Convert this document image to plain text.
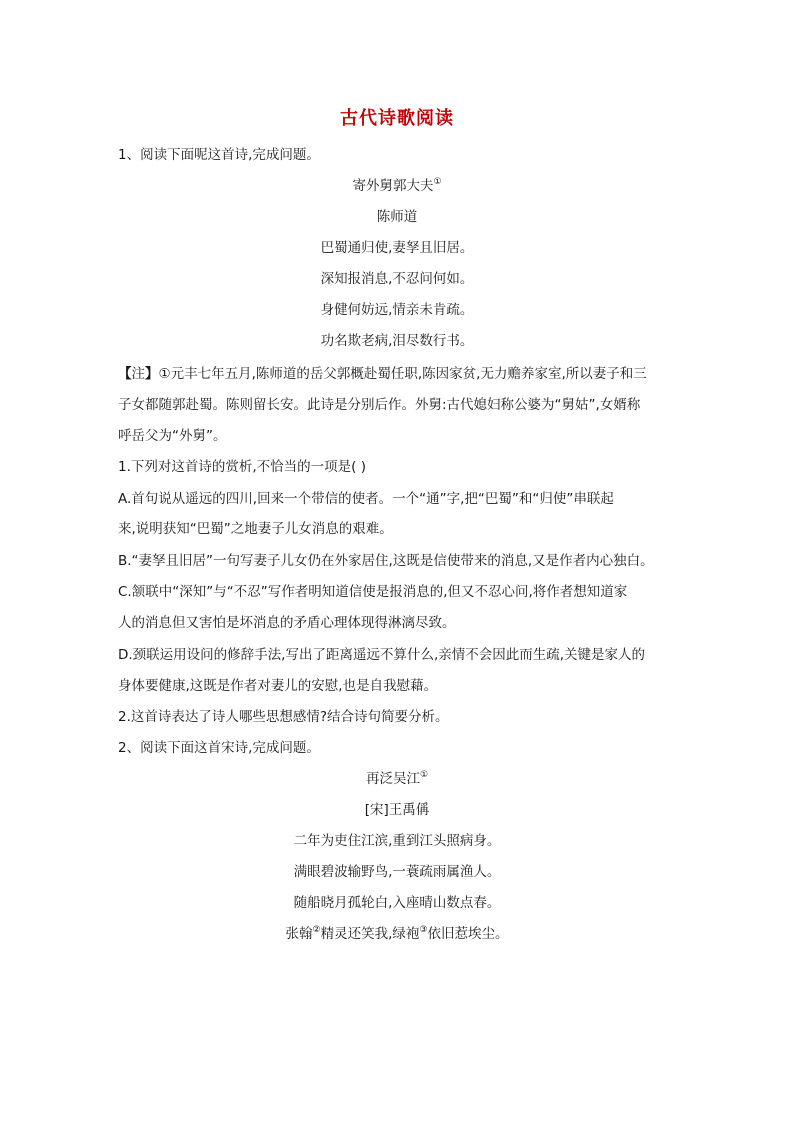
古代诗歌阅读
1、阅读下面呢这首诗,完成问题。
寄外舅郭大夫①
陈师道
巴蜀通归使,妻孥且旧居。
深知报消息,不忍问何如。
身健何妨远,情亲未肯疏。
功名欺老病,泪尽数行书。
【注】①元丰七年五月,陈师道的岳父郭概赴蜀任职,陈因家贫,无力赡养家室,所以妻子和三
子女都随郭赴蜀。陈则留长安。此诗是分别后作。外舅:古代媳妇称公婆为“舅姑”,女婿称
呼岳父为“外舅”。
1.下列对这首诗的赏析,不恰当的一项是( )
A.首句说从遥远的四川,回来一个带信的使者。一个“通”字,把“巴蜀”和“归使”串联起
来,说明获知“巴蜀”之地妻子儿女消息的艰难。
B.“妻孥且旧居”一句写妻子儿女仍在外家居住,这既是信使带来的消息,又是作者内心独白。
C.颔联中“深知”与“不忍”写作者明知道信使是报消息的,但又不忍心问,将作者想知道家
人的消息但又害怕是坏消息的矛盾心理体现得淋漓尽致。
D.颈联运用设问的修辞手法,写出了距离遥远不算什么,亲情不会因此而生疏,关键是家人的
身体要健康,这既是作者对妻儿的安慰,也是自我慰藉。
2.这首诗表达了诗人哪些思想感情?结合诗句简要分析。
2、阅读下面这首宋诗,完成问题。
再泛吴江①
[宋]王禹偁
二年为吏住江滨,重到江头照病身。
满眼碧波输野鸟,一蓑疏雨属渔人。
随船晓月孤轮白,入座晴山数点春。
张翰②精灵还笑我,绿袍③依旧惹埃尘。
